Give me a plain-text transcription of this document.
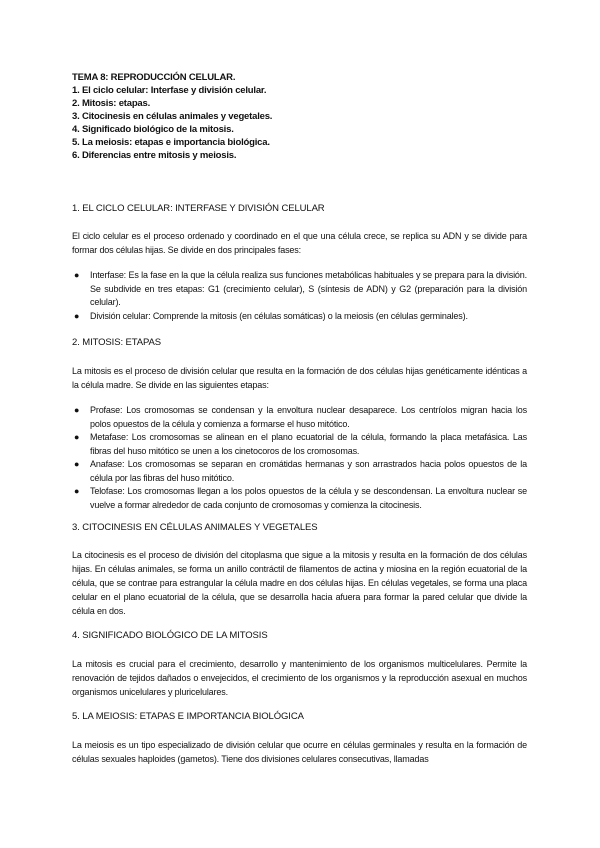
TEMA 8: REPRODUCCIÓN CELULAR.
1. El ciclo celular: Interfase y división celular.
2. Mitosis: etapas.
3. Citocinesis en células animales y vegetales.
4. Significado biológico de la mitosis.
5. La meiosis: etapas e importancia biológica.
6. Diferencias entre mitosis y meiosis.
1. EL CICLO CELULAR: INTERFASE Y DIVISIÓN CELULAR
El ciclo celular es el proceso ordenado y coordinado en el que una célula crece, se replica su ADN y se divide para formar dos células hijas. Se divide en dos principales fases:
● Interfase: Es la fase en la que la célula realiza sus funciones metabólicas habituales y se prepara para la división. Se subdivide en tres etapas: G1 (crecimiento celular), S (síntesis de ADN) y G2 (preparación para la división celular).
● División celular: Comprende la mitosis (en células somáticas) o la meiosis (en células germinales).
2. MITOSIS: ETAPAS
La mitosis es el proceso de división celular que resulta en la formación de dos células hijas genéticamente idénticas a la célula madre. Se divide en las siguientes etapas:
● Profase: Los cromosomas se condensan y la envoltura nuclear desaparece. Los centríolos migran hacia los polos opuestos de la célula y comienza a formarse el huso mitótico.
● Metafase: Los cromosomas se alinean en el plano ecuatorial de la célula, formando la placa metafásica. Las fibras del huso mitótico se unen a los cinetocoros de los cromosomas.
● Anafase: Los cromosomas se separan en cromátidas hermanas y son arrastrados hacia polos opuestos de la célula por las fibras del huso mitótico.
● Telofase: Los cromosomas llegan a los polos opuestos de la célula y se descondensan. La envoltura nuclear se vuelve a formar alrededor de cada conjunto de cromosomas y comienza la citocinesis.
3. CITOCINESIS EN CÉLULAS ANIMALES Y VEGETALES
La citocinesis es el proceso de división del citoplasma que sigue a la mitosis y resulta en la formación de dos células hijas. En células animales, se forma un anillo contráctil de filamentos de actina y miosina en la región ecuatorial de la célula, que se contrae para estrangular la célula madre en dos células hijas. En células vegetales, se forma una placa celular en el plano ecuatorial de la célula, que se desarrolla hacia afuera para formar la pared celular que divide la célula en dos.
4. SIGNIFICADO BIOLÓGICO DE LA MITOSIS
La mitosis es crucial para el crecimiento, desarrollo y mantenimiento de los organismos multicelulares. Permite la renovación de tejidos dañados o envejecidos, el crecimiento de los organismos y la reproducción asexual en muchos organismos unicelulares y pluricelulares.
5. LA MEIOSIS: ETAPAS E IMPORTANCIA BIOLÓGICA
La meiosis es un tipo especializado de división celular que ocurre en células germinales y resulta en la formación de células sexuales haploides (gametos). Tiene dos divisiones celulares consecutivas, llamadas
